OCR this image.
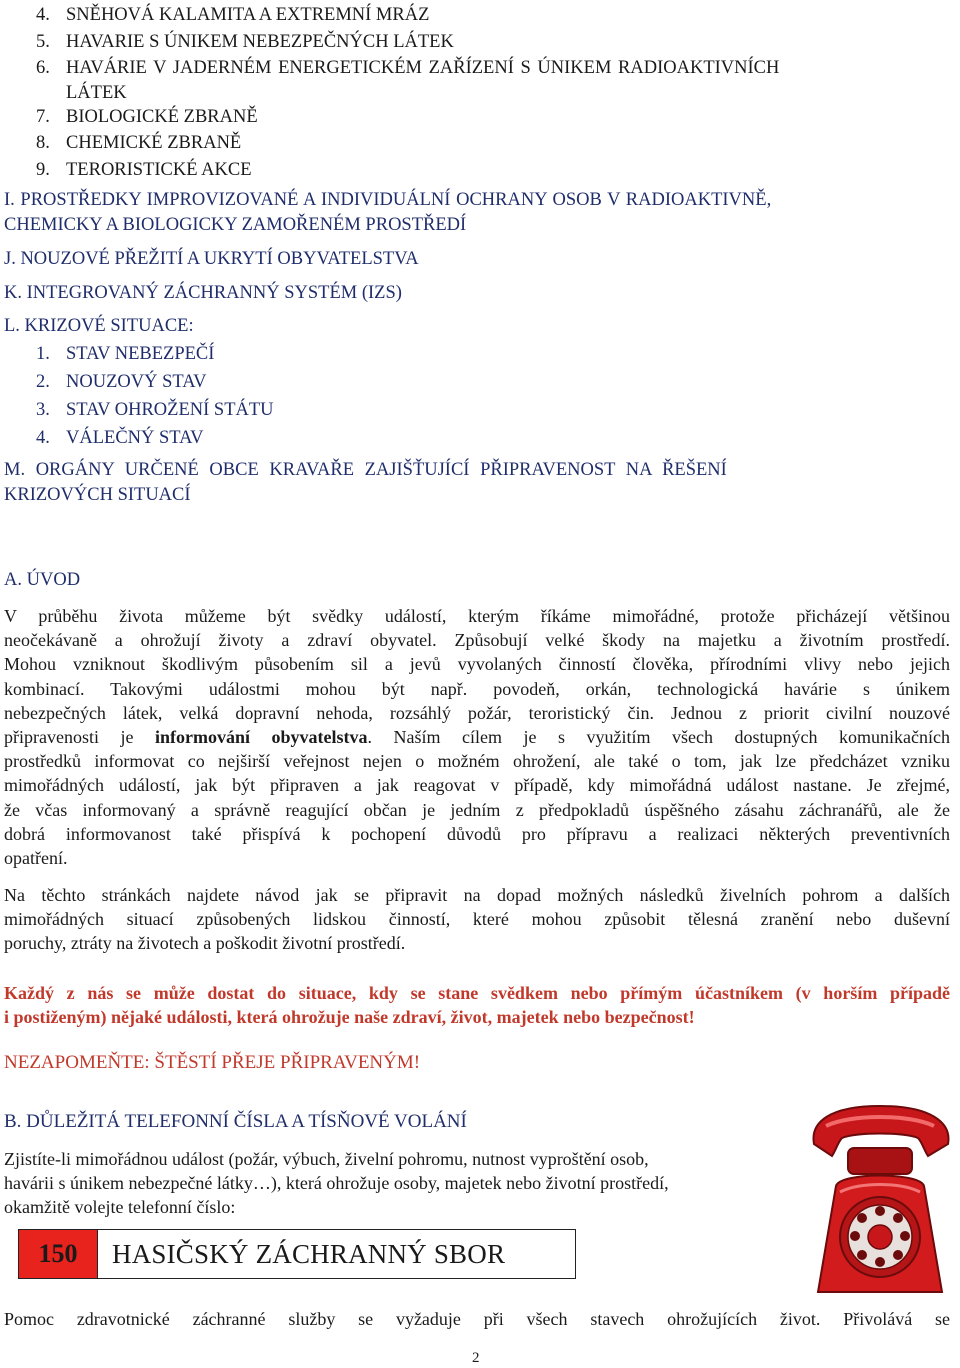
4. SNĚHOVÁ KALAMITA A EXTREMNÍ MRÁZ
5. HAVARIE S ÚNIKEM NEBEZPEČNÝCH LÁTEK
6. HAVÁRIE V JADERNÉM ENERGETICKÉM ZAŘÍZENÍ S ÚNIKEM RADIOAKTIVNÍCH
LÁTEK
7. BIOLOGICKÉ ZBRANĚ
8. CHEMICKÉ ZBRANĚ
9. TERORISTICKÉ AKCE
I. PROSTŘEDKY IMPROVIZOVANÉ A INDIVIDUÁLNÍ OCHRANY OSOB V RADIOAKTIVNĚ,
CHEMICKY A BIOLOGICKY ZAMOŘENÉM PROSTŘEDÍ
J. NOUZOVÉ PŘEŽITÍ A UKRYTÍ OBYVATELSTVA
K. INTEGROVANÝ ZÁCHRANNÝ SYSTÉM (IZS)
L. KRIZOVÉ SITUACE:
1. STAV NEBEZPEČÍ
2. NOUZOVÝ STAV
3. STAV OHROŽENÍ STÁTU
4. VÁLEČNÝ STAV
M. ORGÁNY URČENÉ OBCE KRAVAŘE ZAJIŠŤUJÍCÍ PŘIPRAVENOST NA ŘEŠENÍ
KRIZOVÝCH SITUACÍ
A. ÚVOD
V průběhu života můžeme být svědky událostí, kterým říkáme mimořádné, protože přicházejí většinou
neočekávaně a ohrožují životy a zdraví obyvatel. Způsobují velké škody na majetku a životním prostředí.
Mohou vzniknout škodlivým působením sil a jevů vyvolaných činností člověka, přírodními vlivy nebo jejich
kombinací. Takovými událostmi mohou být např. povodeň, orkán, technologická havárie s únikem
nebezpečných látek, velká dopravní nehoda, rozsáhlý požár, teroristický čin. Jednou z priorit civilní nouzové
připravenosti je informování obyvatelstva. Naším cílem je s využitím všech dostupných komunikačních
prostředků informovat co nejširší veřejnost nejen o možném ohrožení, ale také o tom, jak lze předcházet vzniku
mimořádných událostí, jak být připraven a jak reagovat v případě, kdy mimořádná událost nastane. Je zřejmé,
že včas informovaný a správně reagující občan je jedním z předpokladů úspěšného zásahu záchranářů, ale že
dobrá informovanost také přispívá k pochopení důvodů pro přípravu a realizaci některých preventivních
opatření.
Na těchto stránkách najdete návod jak se připravit na dopad možných následků živelních pohrom a dalších
mimořádných situací způsobených lidskou činností, které mohou způsobit tělesná zranění nebo duševní
poruchy, ztráty na životech a poškodit životní prostředí.
Každý z nás se může dostat do situace, kdy se stane svědkem nebo přímým účastníkem (v horším případě
i postiženým) nějaké události, která ohrožuje naše zdraví, život, majetek nebo bezpečnost!
NEZAPOMEŇTE: ŠTĚSTÍ PŘEJE PŘIPRAVENÝM!
B. DŮLEŽITÁ TELEFONNÍ ČÍSLA A TÍSŇOVÉ VOLÁNÍ
Zjistíte-li mimořádnou událost (požár, výbuch, živelní pohromu, nutnost vyproštění osob,
havárii s únikem nebezpečné látky…), která ohrožuje osoby, majetek nebo životní prostředí,
okamžitě volejte telefonní číslo:
150	HASIČSKÝ ZÁCHRANNÝ SBOR
Pomoc zdravotnické záchranné služby se vyžaduje při všech stavech ohrožujících život. Přivolává se
2
